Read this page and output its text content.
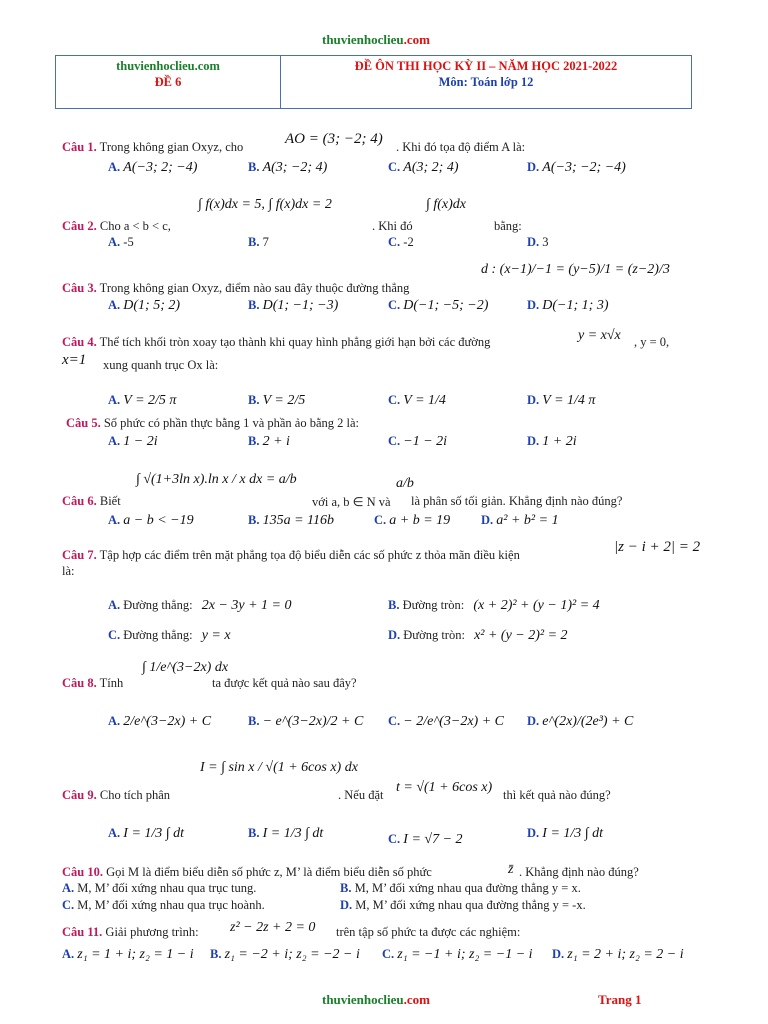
thuvienhoclieu.com
thuvienhoclieu.com
ĐỀ 6
ĐỀ ÔN THI HỌC KỲ II – NĂM HỌC 2021-2022
Môn: Toán lớp 12
Câu 1. Trong không gian Oxyz, cho	AO = (3; −2; 4) . Khi đó tọa độ điểm A là:
A. A(−3; 2; −4)	B. A(3; −2; 4)	C. A(3; 2; 4)	D. A(−3; −2; −4)
Câu 2. Cho a < b < c,
∫ f(x)dx = 5, ∫ f(x)dx = 2
. Khi đó
∫ f(x)dx
bằng:
A. -5	B. 7	C. -2	D. 3
Câu 3. Trong không gian Oxyz, điểm nào sau đây thuộc đường thẳng
d : (x−1)/−1 = (y−5)/1 = (z−2)/3
A. D(1; 5; 2)	B. D(1; −1; −3)	C. D(−1; −5; −2)	D. D(−1; 1; 3)
Câu 4. Thể tích khối tròn xoay tạo thành khi quay hình phẳng giới hạn bởi các đường	y = x√x , y = 0,
x=1 xung quanh trục Ox là:
A. V = 2/5 π	B. V = 2/5	C. V = 1/4	D. V = 1/4 π
Câu 5. Số phức có phần thực bằng 1 và phần ảo bằng 2 là:
A. 1 − 2i	B. 2 + i	C. −1 − 2i	D. 1 + 2i
Câu 6. Biết
∫ √(1+3ln x).ln x / x dx = a/b
với a, b ∈ N và
a/b
là phân số tối giản. Khẳng định nào đúng?
A. a − b < −19	B. 135a = 116b	C. a + b = 19 D. a² + b² = 1
Câu 7. Tập hợp các điểm trên mặt phẳng tọa độ biểu diễn các số phức z thỏa mãn điều kiện	|z − i + 2| = 2
là:
A. Đường thẳng: 2x − 3y + 1 = 0	B. Đường tròn: (x + 2)² + (y − 1)² = 4
C. Đường thẳng: y = x	D. Đường tròn: x² + (y − 2)² = 2
Câu 8. Tính
∫ 1/e^(3−2x) dx
ta được kết quả nào sau đây?
A. 2/e^(3−2x) + C	B. − e^(3−2x)/2 + C C. − 2/e^(3−2x) + C D. e^(2x)/(2e³) + C
Câu 9. Cho tích phân
I = ∫ sin x / √(1 + 6cos x) dx
. Nếu đặt t = √(1 + 6cos x) thì kết quả nào đúng?
A. I = 1/3 ∫ dt	B. I = 1/3 ∫ dt	C. I = √7 − 2	D. I = 1/3 ∫ dt
Câu 10. Gọi M là điểm biểu diễn số phức z, M’ là điểm biểu diễn số phức	z̄ . Khẳng định nào đúng?
A. M, M’ đối xứng nhau qua trục tung.	B. M, M’ đối xứng nhau qua đường thẳng y = x.
C. M, M’ đối xứng nhau qua trục hoành.	D. M, M’ đối xứng nhau qua đường thẳng y = -x.
Câu 11. Giải phương trình: z² − 2z + 2 = 0 trên tập số phức ta được các nghiệm:
A. z₁ = 1 + i; z₂ = 1 − i B. z₁ = −2 + i; z₂ = −2 − i C. z₁ = −1 + i; z₂ = −1 − i D. z₁ = 2 + i; z₂ = 2 − i
thuvienhoclieu.com	Trang 1
